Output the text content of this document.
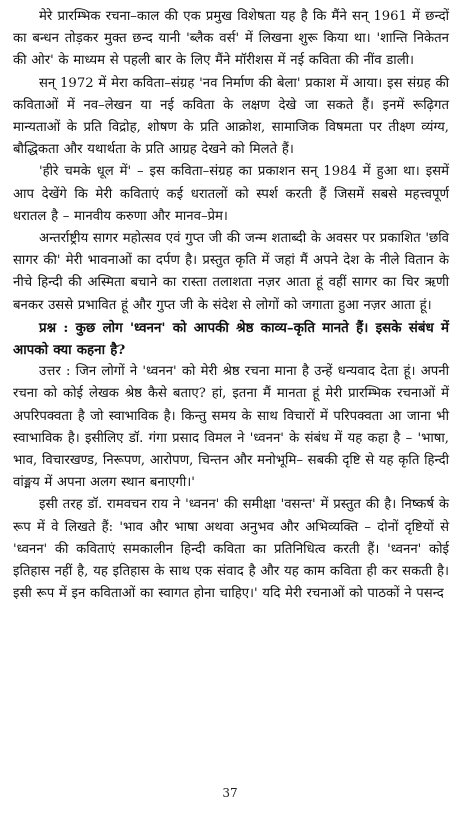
मेरे प्रारम्भिक रचना–काल की एक प्रमुख विशेषता यह है कि मैंने सन् 1961 में छन्दों का बन्धन तोड़कर मुक्त छन्द यानी 'ब्लैक वर्स' में लिखना शुरू किया था। 'शान्ति निकेतन की ओर' के माध्यम से पहली बार के लिए मैंने मॉरीशस में नई कविता की नींव डाली।

सन् 1972 में मेरा कविता–संग्रह 'नव निर्माण की बेला' प्रकाश में आया। इस संग्रह की कविताओं में नव–लेखन या नई कविता के लक्षण देखे जा सकते हैं। इनमें रूढ़िगत मान्यताओं के प्रति विद्रोह, शोषण के प्रति आक्रोश, सामाजिक विषमता पर तीक्ष्ण व्यंग्य, बौद्धिकता और यथार्थता के प्रति आग्रह देखने को मिलते हैं।

'हीरे चमके धूल में' – इस कविता–संग्रह का प्रकाशन सन् 1984 में हुआ था। इसमें आप देखेंगे कि मेरी कविताएं कई धरातलों को स्पर्श करती हैं जिसमें सबसे महत्त्वपूर्ण धरातल है – मानवीय करुणा और मानव–प्रेम।

अन्तर्राष्ट्रीय सागर महोत्सव एवं गुप्त जी की जन्म शताब्दी के अवसर पर प्रकाशित 'छवि सागर की' मेरी भावनाओं का दर्पण है। प्रस्तुत कृति में जहां मैं अपने देश के नीले वितान के नीचे हिन्दी की अस्मिता बचाने का रास्ता तलाशता नज़र आता हूं वहीं सागर का चिर ऋणी बनकर उससे प्रभावित हूं और गुप्त जी के संदेश से लोगों को जगाता हुआ नज़र आता हूं।

प्रश्न : कुछ लोग 'ध्वनन' को आपकी श्रेष्ठ काव्य–कृति मानते हैं। इसके संबंध में आपको क्या कहना है?

उत्तर : जिन लोगों ने 'ध्वनन' को मेरी श्रेष्ठ रचना माना है उन्हें धन्यवाद देता हूं। अपनी रचना को कोई लेखक श्रेष्ठ कैसे बताए? हां, इतना मैं मानता हूं मेरी प्रारम्भिक रचनाओं में अपरिपक्वता है जो स्वाभाविक है। किन्तु समय के साथ विचारों में परिपक्वता आ जाना भी स्वाभाविक है। इसीलिए डॉ. गंगा प्रसाद विमल ने 'ध्वनन' के संबंध में यह कहा है – 'भाषा, भाव, विचारखण्ड, निरूपण, आरोपण, चिन्तन और मनोभूमि– सबकी दृष्टि से यह कृति हिन्दी वांङ्मय में अपना अलग स्थान बनाएगी।'

इसी तरह डॉ. रामवचन राय ने 'ध्वनन' की समीक्षा 'वसन्त' में प्रस्तुत की है। निष्कर्ष के रूप में वे लिखते हैं: 'भाव और भाषा अथवा अनुभव और अभिव्यक्ति – दोनों दृष्टियों से 'ध्वनन' की कविताएं समकालीन हिन्दी कविता का प्रतिनिधित्व करती हैं। 'ध्वनन' कोई इतिहास नहीं है, यह इतिहास के साथ एक संवाद है और यह काम कविता ही कर सकती है। इसी रूप में इन कविताओं का स्वागत होना चाहिए।' यदि मेरी रचनाओं को पाठकों ने पसन्द

37
